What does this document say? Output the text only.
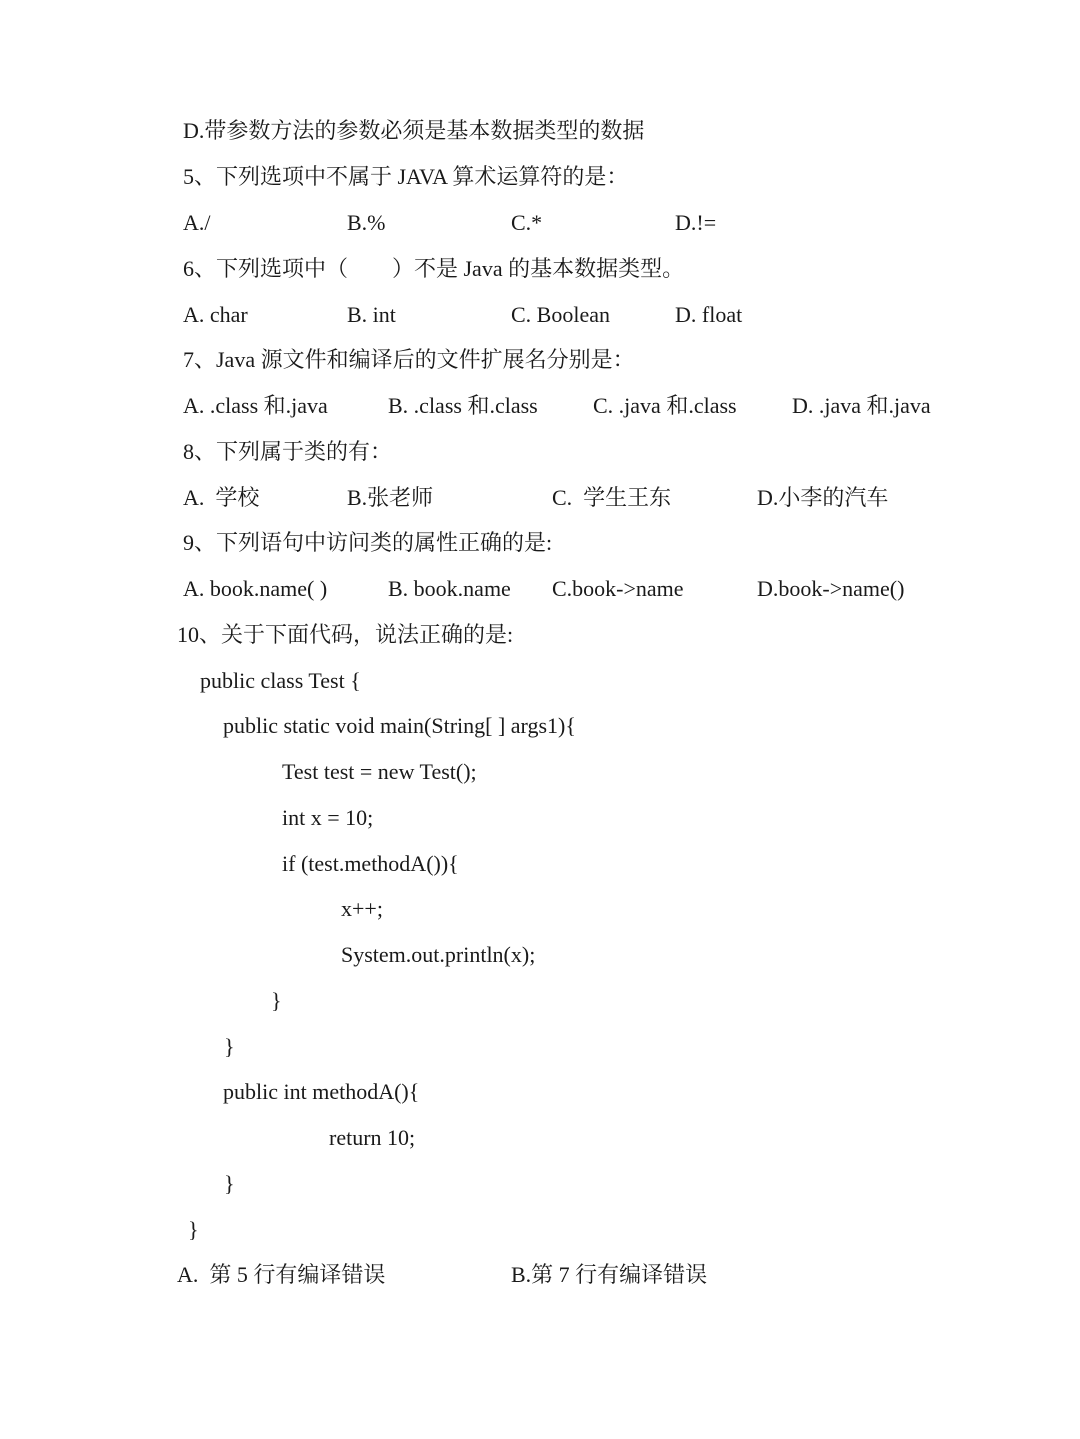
D.带参数方法的参数必须是基本数据类型的数据
5、下列选项中不属于 JAVA 算术运算符的是：
A./	B.%	C.*	D.!=
6、下列选项中（　　）不是 Java 的基本数据类型。
A. char	B. int	C. Boolean	D. float
7、Java 源文件和编译后的文件扩展名分别是：
A. .class 和.java	B. .class 和.class	C. .java 和.class	D. .java 和.java
8、下列属于类的有：
A.  学校	B.张老师	C.  学生王东	D.小李的汽车
9、下列语句中访问类的属性正确的是:
A. book.name( )	B. book.name C.book->name	D.book->name()
10、关于下面代码，说法正确的是:
public class Test {
public static void main(String[ ] args1){
Test test = new Test();
int x = 10;
if (test.methodA()){
x++;
System.out.println(x);
}
}
public int methodA(){
return 10;
}
}
A.  第 5 行有编译错误	B.第 7 行有编译错误
